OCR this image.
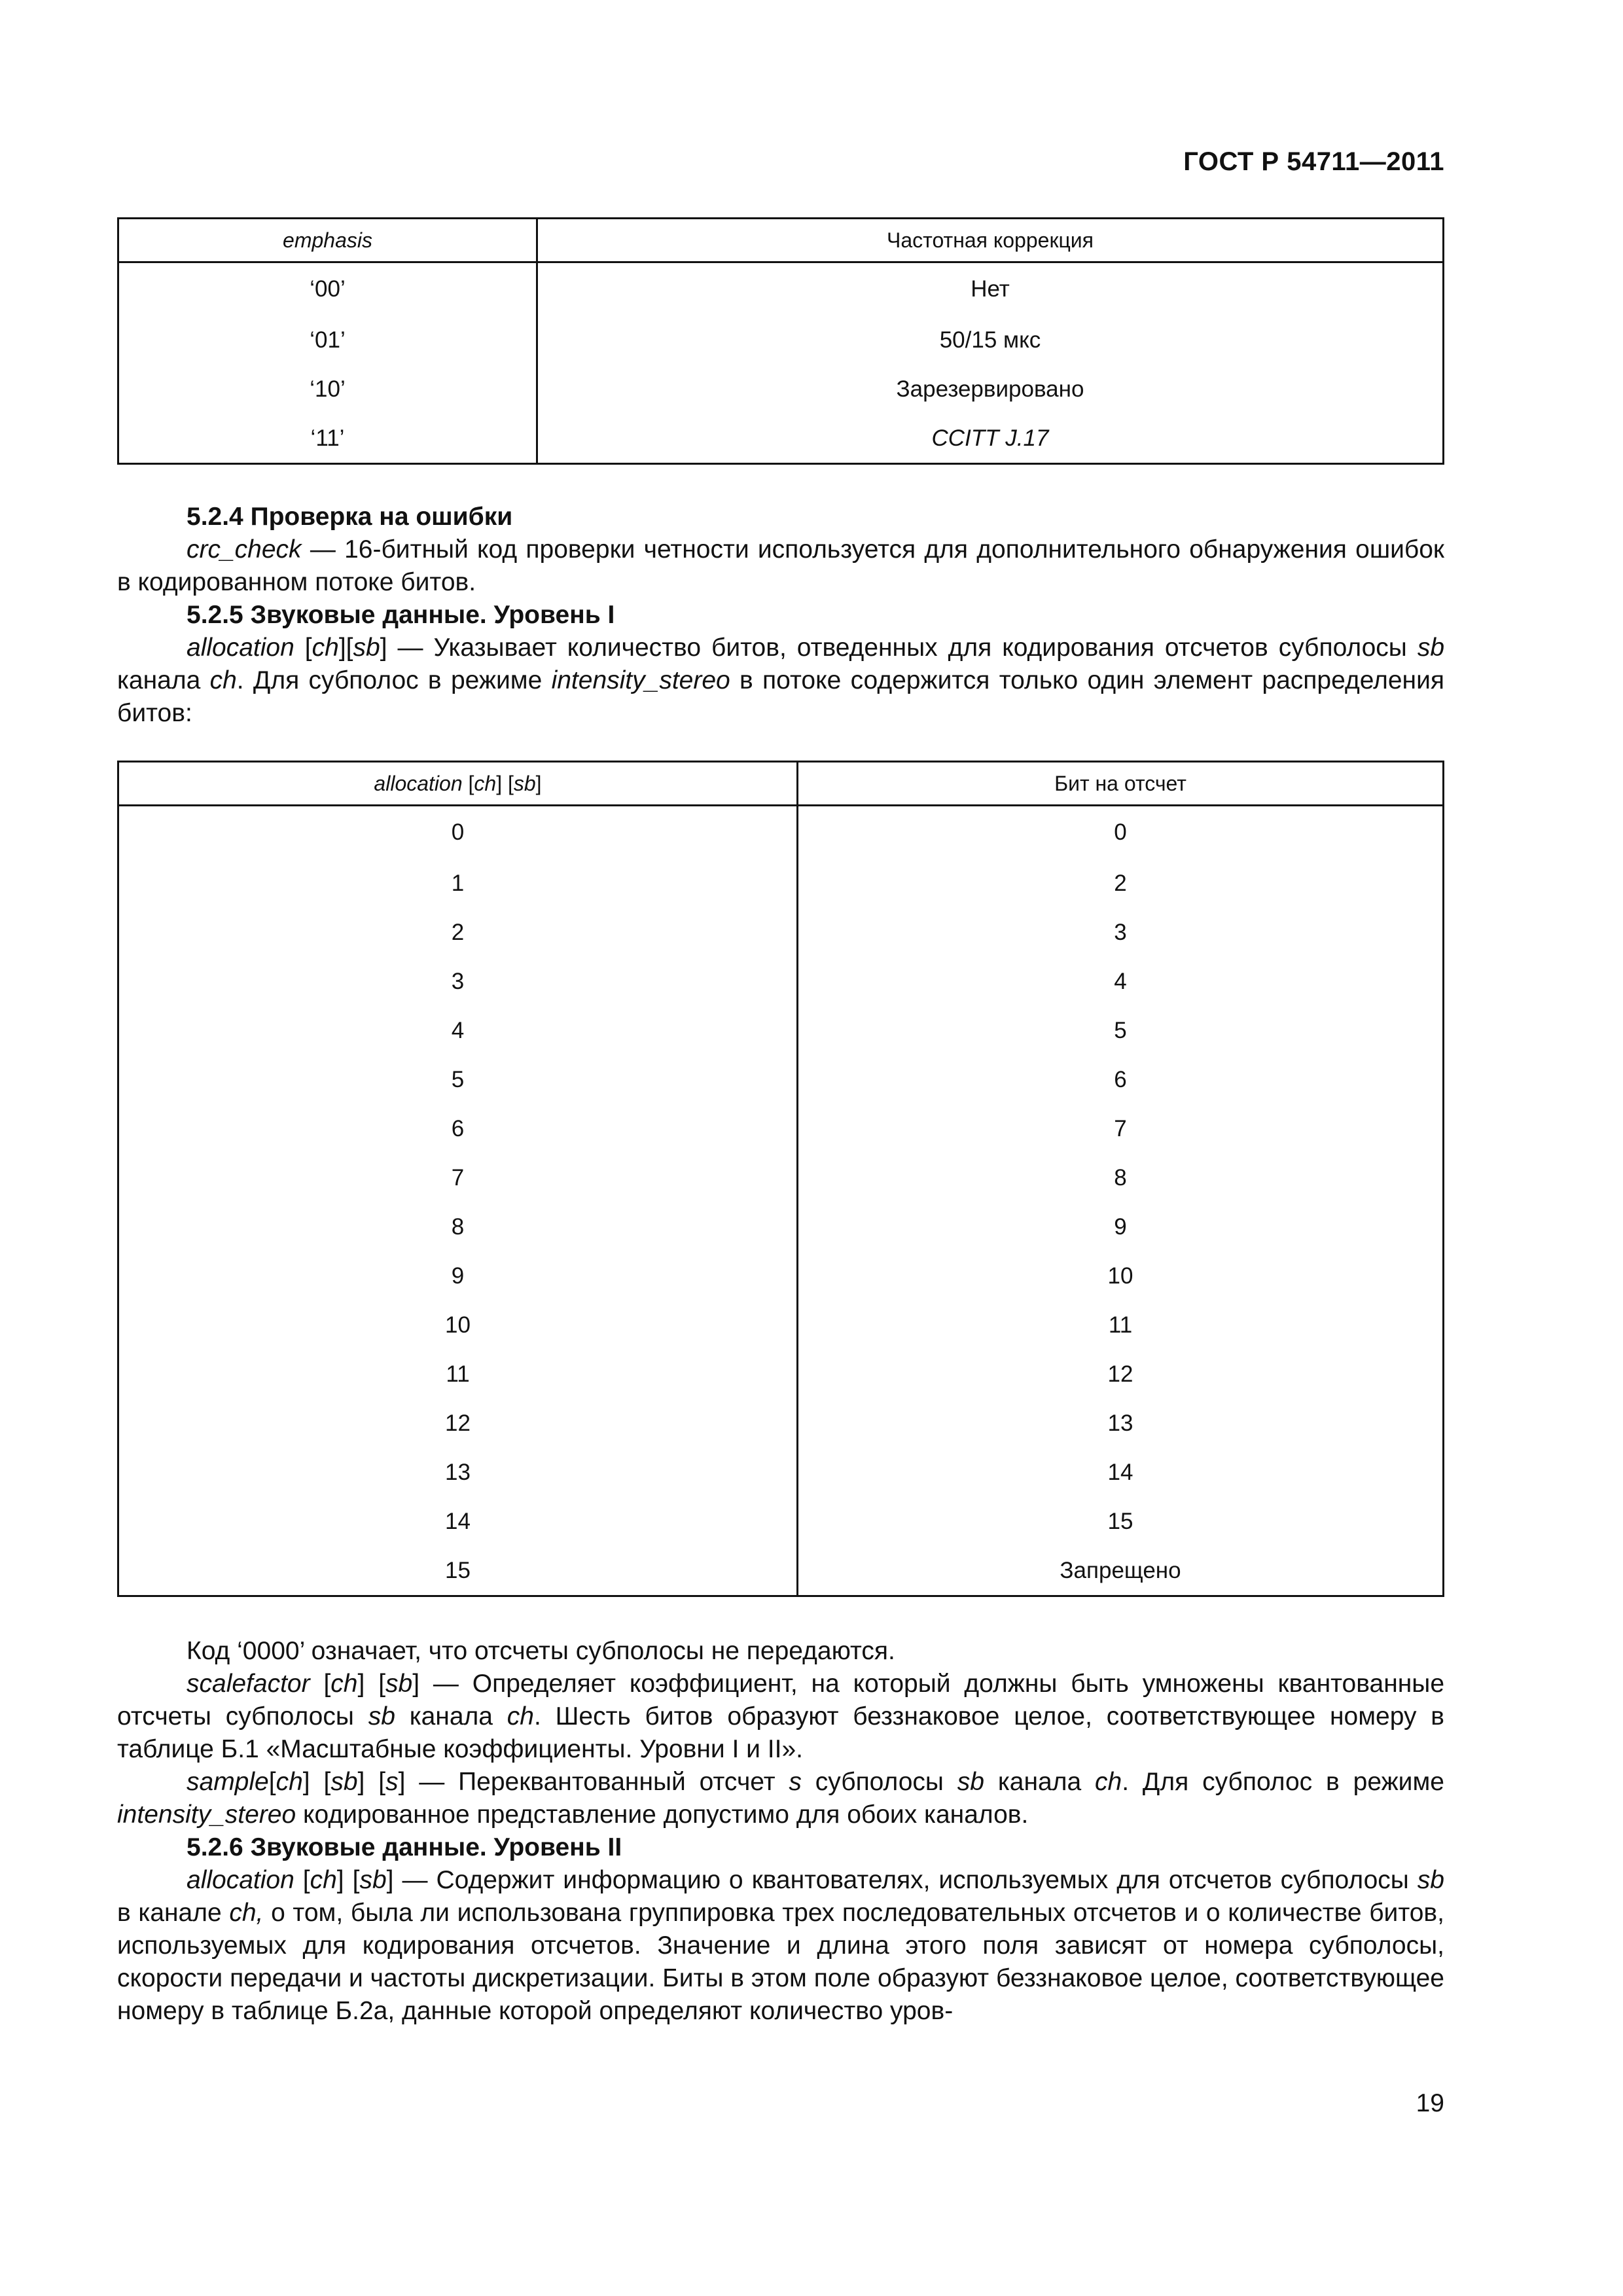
ГОСТ Р 54711—2011
emphasis	Частотная коррекция
‘00’	Нет
‘01’	50/15 мкс
‘10’	Зарезервировано
‘11’	CCITT J.17

5.2.4 Проверка на ошибки

crc_check — 16-битный код проверки четности используется для дополнительного обнаружения ошибок в кодированном потоке битов.

5.2.5 Звуковые данные. Уровень I

allocation [ch][sb] — Указывает количество битов, отведенных для кодирования отсчетов субполосы sb канала ch. Для субполос в режиме intensity_stereo в потоке содержится только один элемент распределения битов:

allocation [ch] [sb]	Бит на отсчет
0	0
1	2
2	3
3	4
4	5
5	6
6	7
7	8
8	9
9	10
10	11
11	12
12	13
13	14
14	15
15	Запрещено

Код ‘0000’ означает, что отсчеты субполосы не передаются.

scalefactor [ch] [sb] — Определяет коэффициент, на который должны быть умножены квантованные отсчеты субполосы sb канала ch. Шесть битов образуют беззнаковое целое, соответствующее номеру в таблице Б.1 «Масштабные коэффициенты. Уровни I и II».

sample[ch] [sb] [s] — Переквантованный отсчет s субполосы sb канала ch. Для субполос в режиме intensity_stereo кодированное представление допустимо для обоих каналов.

5.2.6 Звуковые данные. Уровень II

allocation [ch] [sb] — Содержит информацию о квантователях, используемых для отсчетов субполосы sb в канале ch, о том, была ли использована группировка трех последовательных отсчетов и о количестве битов, используемых для кодирования отсчетов. Значение и длина этого поля зависят от номера субполосы, скорости передачи и частоты дискретизации. Биты в этом поле образуют беззнаковое целое, соответствующее номеру в таблице Б.2а, данные которой определяют количество уров-

19
